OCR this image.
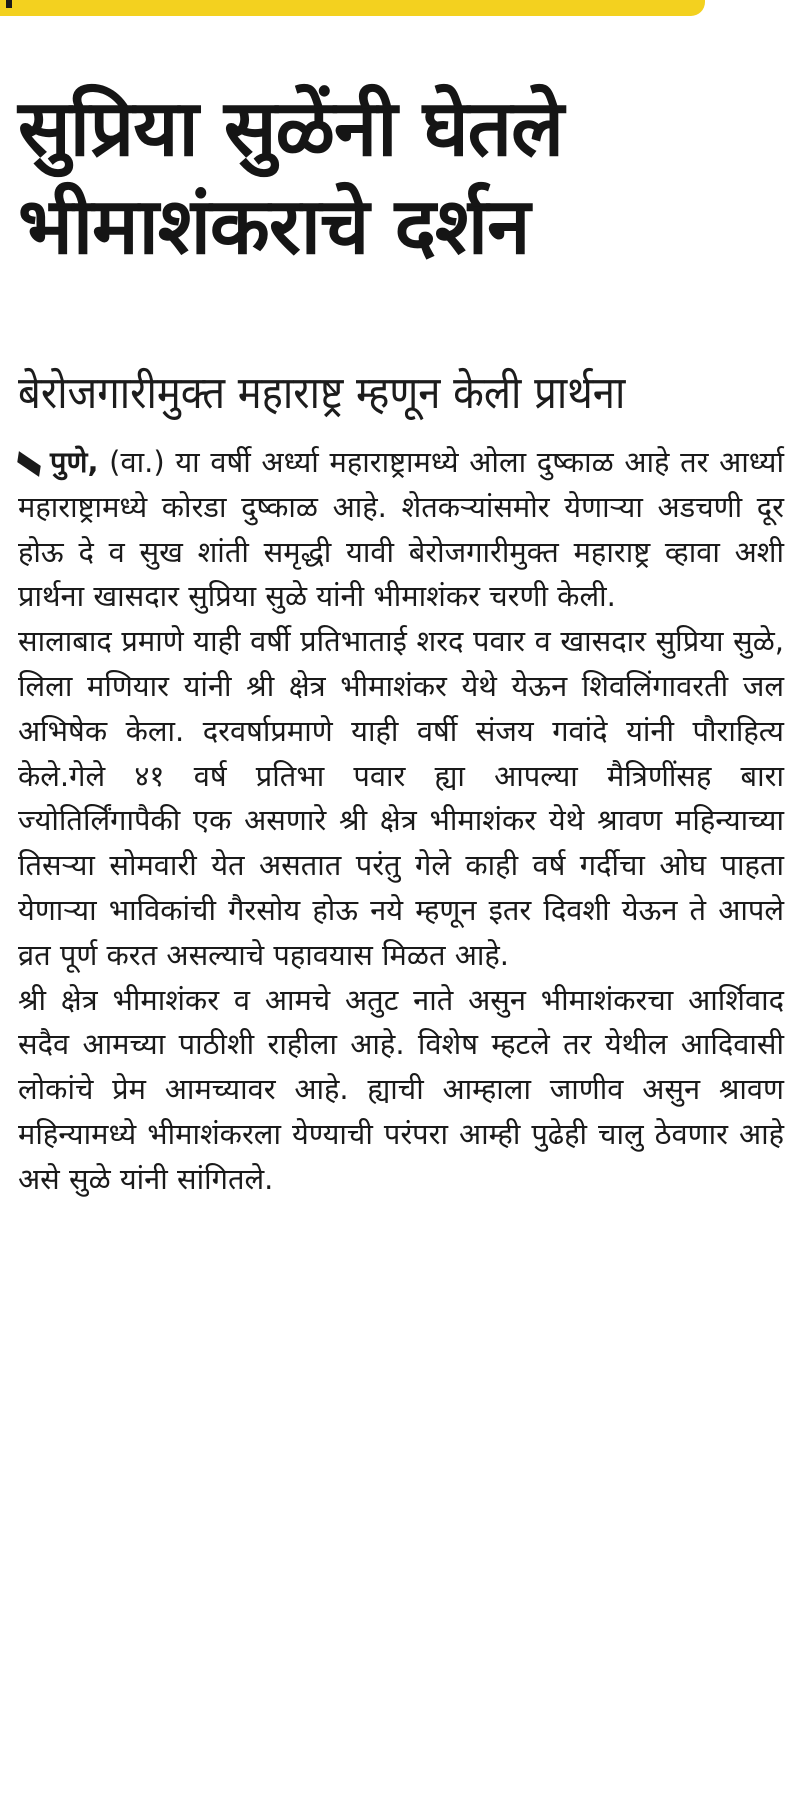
सुप्रिया सुळेंनी घेतले
भीमाशंकराचे दर्शन
बेरोजगारीमुक्त महाराष्ट्र म्हणून केली प्रार्थना

पुणे, (वा.) या वर्षी अर्ध्या महाराष्ट्रामध्ये ओला दुष्काळ आहे तर आर्ध्या महाराष्ट्रामध्ये कोरडा दुष्काळ आहे. शेतकऱ्यांसमोर येणाऱ्या अडचणी दूर होऊ दे व सुख शांती समृद्धी यावी बेरोजगारीमुक्त महाराष्ट्र व्हावा अशी प्रार्थना खासदार सुप्रिया सुळे यांनी भीमाशंकर चरणी केली.

सालाबाद प्रमाणे याही वर्षी प्रतिभाताई शरद पवार व खासदार सुप्रिया सुळे, लिला मणियार यांनी श्री क्षेत्र भीमाशंकर येथे येऊन शिवलिंगावरती जल अभिषेक केला. दरवर्षाप्रमाणे याही वर्षी संजय गवांदे यांनी पौराहित्य केले.गेले ४१ वर्ष प्रतिभा पवार ह्या आपल्या मैत्रिणींसह बारा ज्योतिर्लिंगापैकी एक असणारे श्री क्षेत्र भीमाशंकर येथे श्रावण महिन्याच्या तिसऱ्या सोमवारी येत असतात परंतु गेले काही वर्ष गर्दीचा ओघ पाहता येणाऱ्या भाविकांची गैरसोय होऊ नये म्हणून इतर दिवशी येऊन ते आपले व्रत पूर्ण करत असल्याचे पहावयास मिळत आहे.

श्री क्षेत्र भीमाशंकर व आमचे अतुट नाते असुन भीमाशंकरचा आर्शिवाद सदैव आमच्या पाठीशी राहीला आहे. विशेष म्हटले तर येथील आदिवासी लोकांचे प्रेम आमच्यावर आहे. ह्याची आम्हाला जाणीव असुन श्रावण महिन्यामध्ये भीमाशंकरला येण्याची परंपरा आम्ही पुढेही चालु ठेवणार आहे असे सुळे यांनी सांगितले.
